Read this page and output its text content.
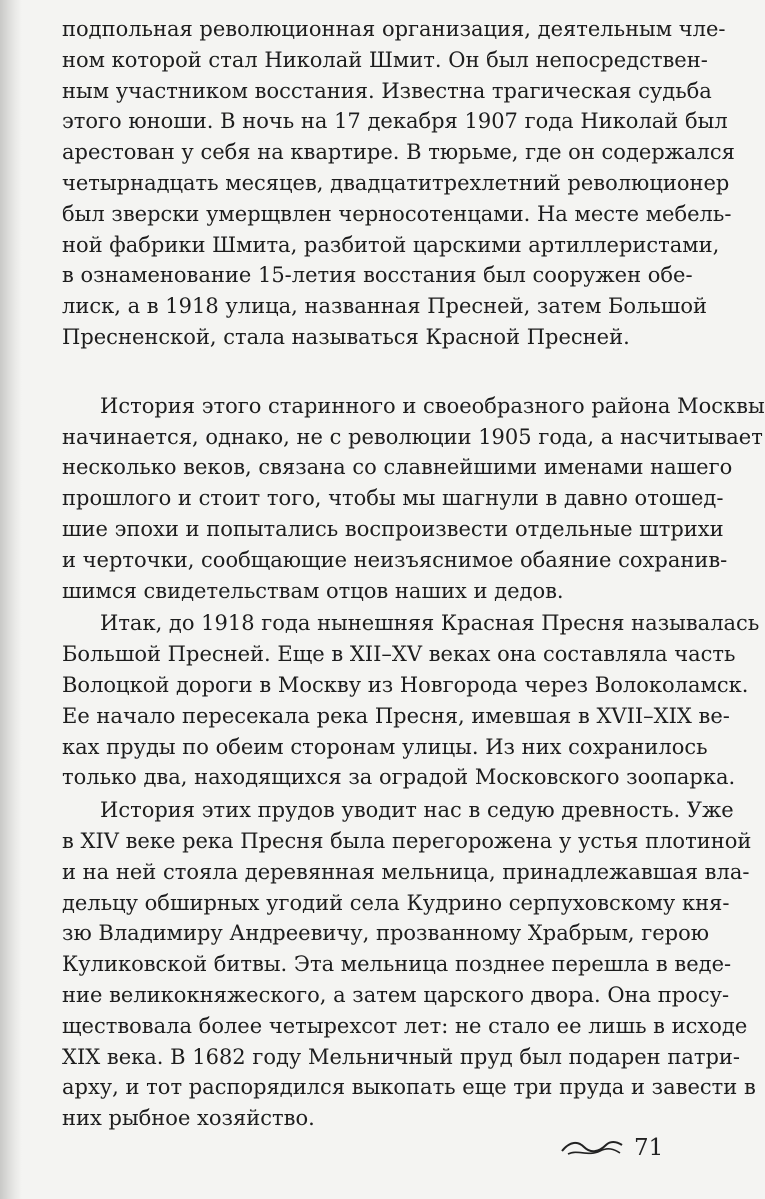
подпольная революционная организация, деятельным чле-
ном которой стал Николай Шмит. Он был непосредствен-
ным участником восстания. Известна трагическая судьба
этого юноши. В ночь на 17 декабря 1907 года Николай был
арестован у себя на квартире. В тюрьме, где он содержался
четырнадцать месяцев, двадцатитрехлетний революционер
был зверски умерщвлен черносотенцами. На месте мебель-
ной фабрики Шмита, разбитой царскими артиллеристами,
в ознаменование 15-летия восстания был сооружен обе-
лиск, а в 1918 улица, названная Пресней, затем Большой
Пресненской, стала называться Красной Пресней.
История этого старинного и своеобразного района Москвы
начинается, однако, не с революции 1905 года, а насчитывает
несколько веков, связана со славнейшими именами нашего
прошлого и стоит того, чтобы мы шагнули в давно отошед-
шие эпохи и попытались воспроизвести отдельные штрихи
и черточки, сообщающие неизъяснимое обаяние сохранив-
шимся свидетельствам отцов наших и дедов.
Итак, до 1918 года нынешняя Красная Пресня называлась
Большой Пресней. Еще в XII–XV веках она составляла часть
Волоцкой дороги в Москву из Новгорода через Волоколамск.
Ее начало пересекала река Пресня, имевшая в XVII–XIX ве-
ках пруды по обеим сторонам улицы. Из них сохранилось
только два, находящихся за оградой Московского зоопарка.
История этих прудов уводит нас в седую древность. Уже
в XIV веке река Пресня была перегорожена у устья плотиной
и на ней стояла деревянная мельница, принадлежавшая вла-
дельцу обширных угодий села Кудрино серпуховскому кня-
зю Владимиру Андреевичу, прозванному Храбрым, герою
Куликовской битвы. Эта мельница позднее перешла в веде-
ние великокняжеского, а затем царского двора. Она просу-
ществовала более четырехсот лет: не стало ее лишь в исходе
XIX века. В 1682 году Мельничный пруд был подарен патри-
арху, и тот распорядился выкопать еще три пруда и завести в
них рыбное хозяйство.
71
